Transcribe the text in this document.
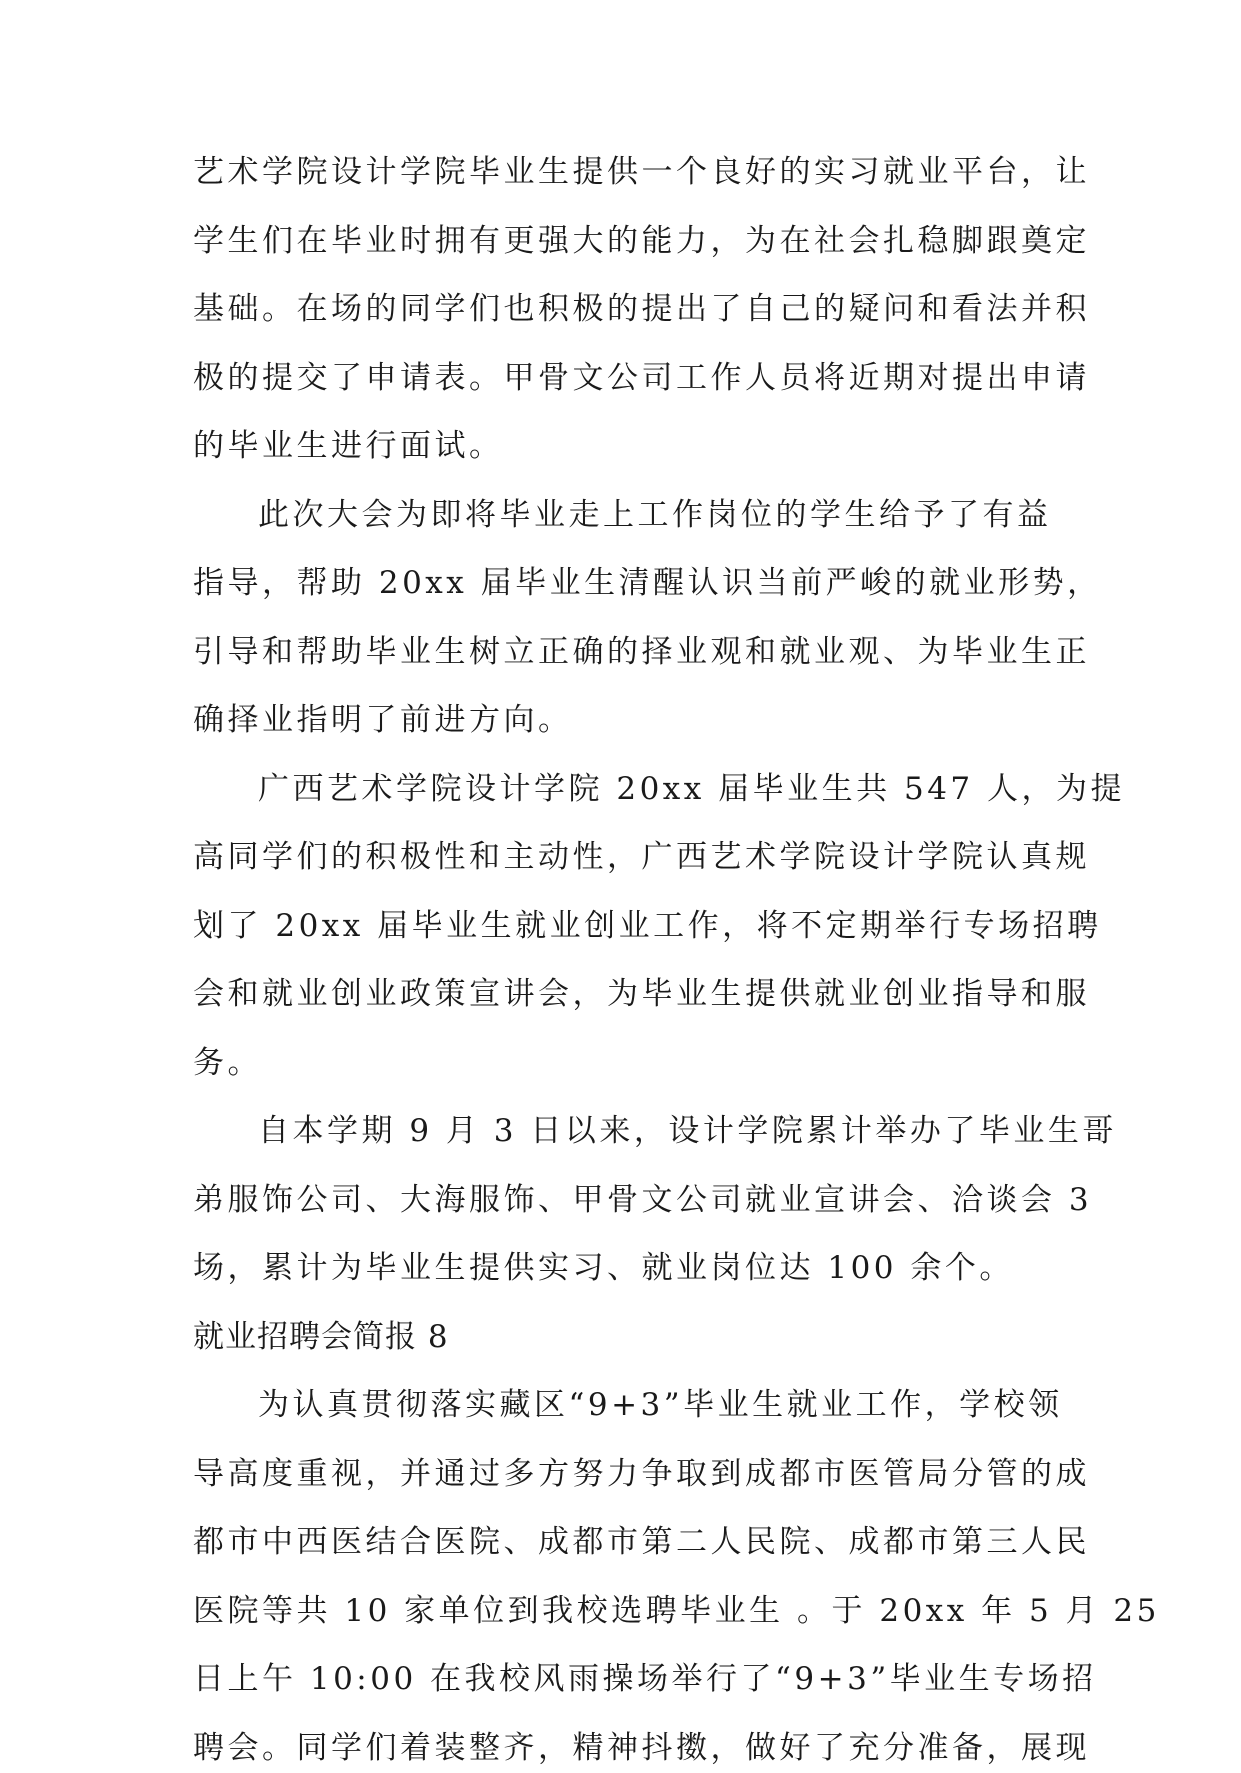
艺术学院设计学院毕业生提供一个良好的实习就业平台，让
学生们在毕业时拥有更强大的能力，为在社会扎稳脚跟奠定
基础。在场的同学们也积极的提出了自己的疑问和看法并积
极的提交了申请表。甲骨文公司工作人员将近期对提出申请
的毕业生进行面试。
此次大会为即将毕业走上工作岗位的学生给予了有益
指导，帮助 20xx 届毕业生清醒认识当前严峻的就业形势，
引导和帮助毕业生树立正确的择业观和就业观、为毕业生正
确择业指明了前进方向。
广西艺术学院设计学院 20xx 届毕业生共 547 人，为提
高同学们的积极性和主动性，广西艺术学院设计学院认真规
划了 20xx 届毕业生就业创业工作，将不定期举行专场招聘
会和就业创业政策宣讲会，为毕业生提供就业创业指导和服
务。
自本学期 9 月 3 日以来，设计学院累计举办了毕业生哥
弟服饰公司、大海服饰、甲骨文公司就业宣讲会、洽谈会 3
场，累计为毕业生提供实习、就业岗位达 100 余个。
就业招聘会简报 8
为认真贯彻落实藏区“9+3”毕业生就业工作，学校领
导高度重视，并通过多方努力争取到成都市医管局分管的成
都市中西医结合医院、成都市第二人民院、成都市第三人民
医院等共 10 家单位到我校选聘毕业生 。于 20xx 年 5 月 25
日上午 10:00 在我校风雨操场举行了“9+3”毕业生专场招
聘会。同学们着装整齐，精神抖擞，做好了充分准备，展现
